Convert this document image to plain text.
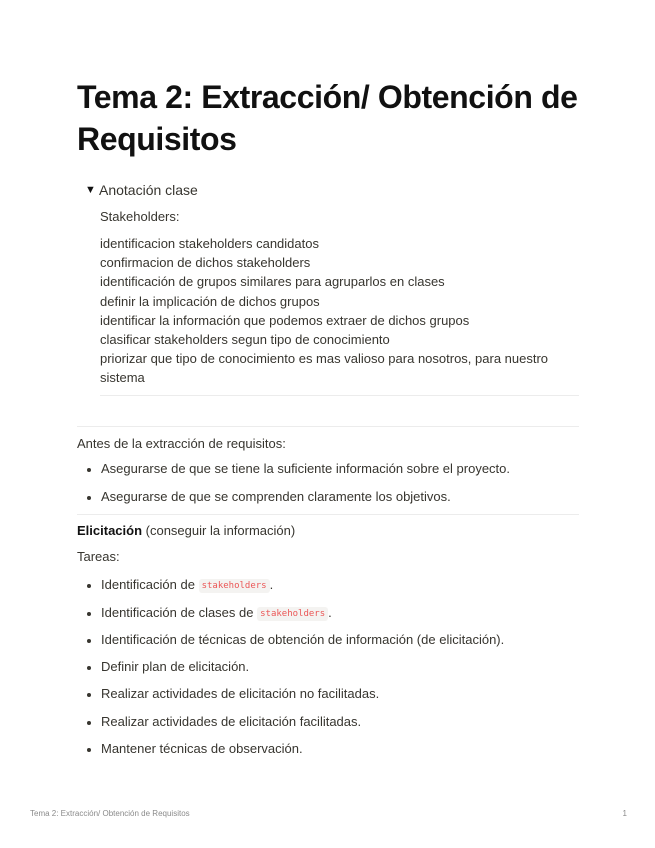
Tema 2: Extracción/ Obtención de Requisitos
▼ Anotación clase
Stakeholders:
identificacion stakeholders candidatos
confirmacion de dichos stakeholders
identificación de grupos similares para agruparlos en clases
definir la implicación de dichos grupos
identificar la información que podemos extraer de dichos grupos
clasificar stakeholders segun tipo de conocimiento
priorizar que tipo de conocimiento es mas valioso para nosotros, para nuestro sistema
Antes de la extracción de requisitos:
Asegurarse de que se tiene la suficiente información sobre el proyecto.
Asegurarse de que se comprenden claramente los objetivos.
Elicitación (conseguir la información)
Tareas:
Identificación de stakeholders .
Identificación de clases de stakeholders .
Identificación de técnicas de obtención de información (de elicitación).
Definir plan de elicitación.
Realizar actividades de elicitación no facilitadas.
Realizar actividades de elicitación facilitadas.
Mantener técnicas de observación.
Tema 2: Extracción/ Obtención de Requisitos	1
